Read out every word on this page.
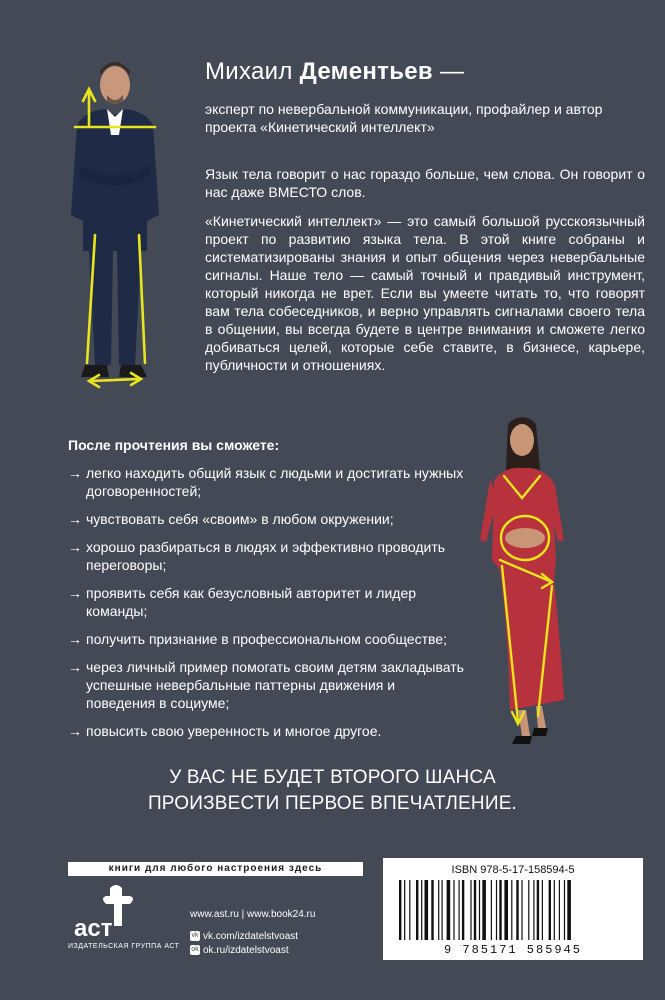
Михаил Дементьев —
эксперт по невербальной коммуникации, профайлер и автор проекта «Кинетический интеллект»
Язык тела говорит о нас гораздо больше, чем слова. Он говорит о нас даже ВМЕСТО слов.
«Кинетический интеллект» — это самый большой русскоязычный проект по развитию языка тела. В этой книге собраны и систематизированы знания и опыт общения через невербальные сигналы. Наше тело — самый точный и правдивый инструмент, который никогда не врет. Если вы умеете читать то, что говорят вам тела собеседников, и верно управлять сигналами своего тела в общении, вы всегда будете в центре внимания и сможете легко добиваться целей, которые себе ставите, в бизнесе, карьере, публичности и отношениях.
После прочтения вы сможете:
→ легко находить общий язык с людьми и достигать нужных договоренностей;
→ чувствовать себя «своим» в любом окружении;
→ хорошо разбираться в людях и эффективно проводить переговоры;
→ проявить себя как безусловный авторитет и лидер команды;
→ получить признание в профессиональном сообществе;
→ через личный пример помогать своим детям закладывать успешные невербальные паттерны движения и поведения в социуме;
→ повысить свою уверенность и многое другое.
У ВАС НЕ БУДЕТ ВТОРОГО ШАНСА
ПРОИЗВЕСТИ ПЕРВОЕ ВПЕЧАТЛЕНИЕ.
книги для любого настроения здесь
аст
ИЗДАТЕЛЬСКАЯ ГРУППА АСТ
www.ast.ru | www.book24.ru
vk vk.com/izdatelstvoast
ok ok.ru/izdatelstvoast
ISBN 978-5-17-158594-5
9 785171 585945
